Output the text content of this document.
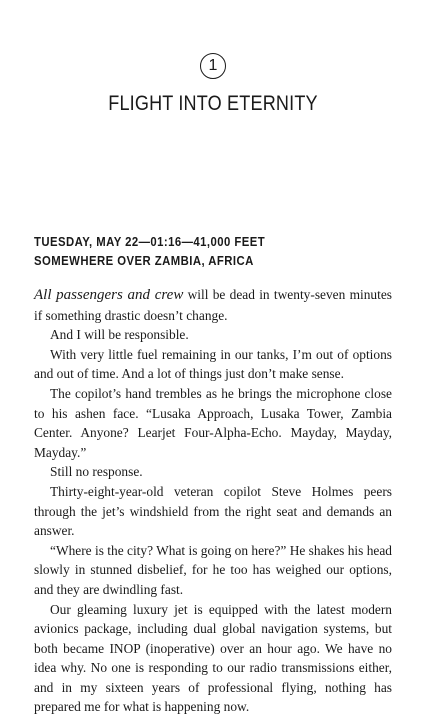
1
FLIGHT INTO ETERNITY
TUESDAY, MAY 22—01:16—41,000 FEET
SOMEWHERE OVER ZAMBIA, AFRICA

All passengers and crew will be dead in twenty-seven minutes if something drastic doesn’t change.

And I will be responsible.

With very little fuel remaining in our tanks, I’m out of options and out of time. And a lot of things just don’t make sense.

The copilot’s hand trembles as he brings the microphone close to his ashen face. “Lusaka Approach, Lusaka Tower, Zambia Center. Anyone? Learjet Four-Alpha-Echo. Mayday, Mayday, Mayday.”

Still no response.

Thirty-eight-year-old veteran copilot Steve Holmes peers through the jet’s windshield from the right seat and demands an answer.

“Where is the city? What is going on here?” He shakes his head slowly in stunned disbelief, for he too has weighed our options, and they are dwindling fast.

Our gleaming luxury jet is equipped with the latest modern avionics package, including dual global navigation systems, but both became INOP (inoperative) over an hour ago. We have no idea why. No one is responding to our radio transmissions either, and in my sixteen years of professional flying, nothing has prepared me for what is happening now.
